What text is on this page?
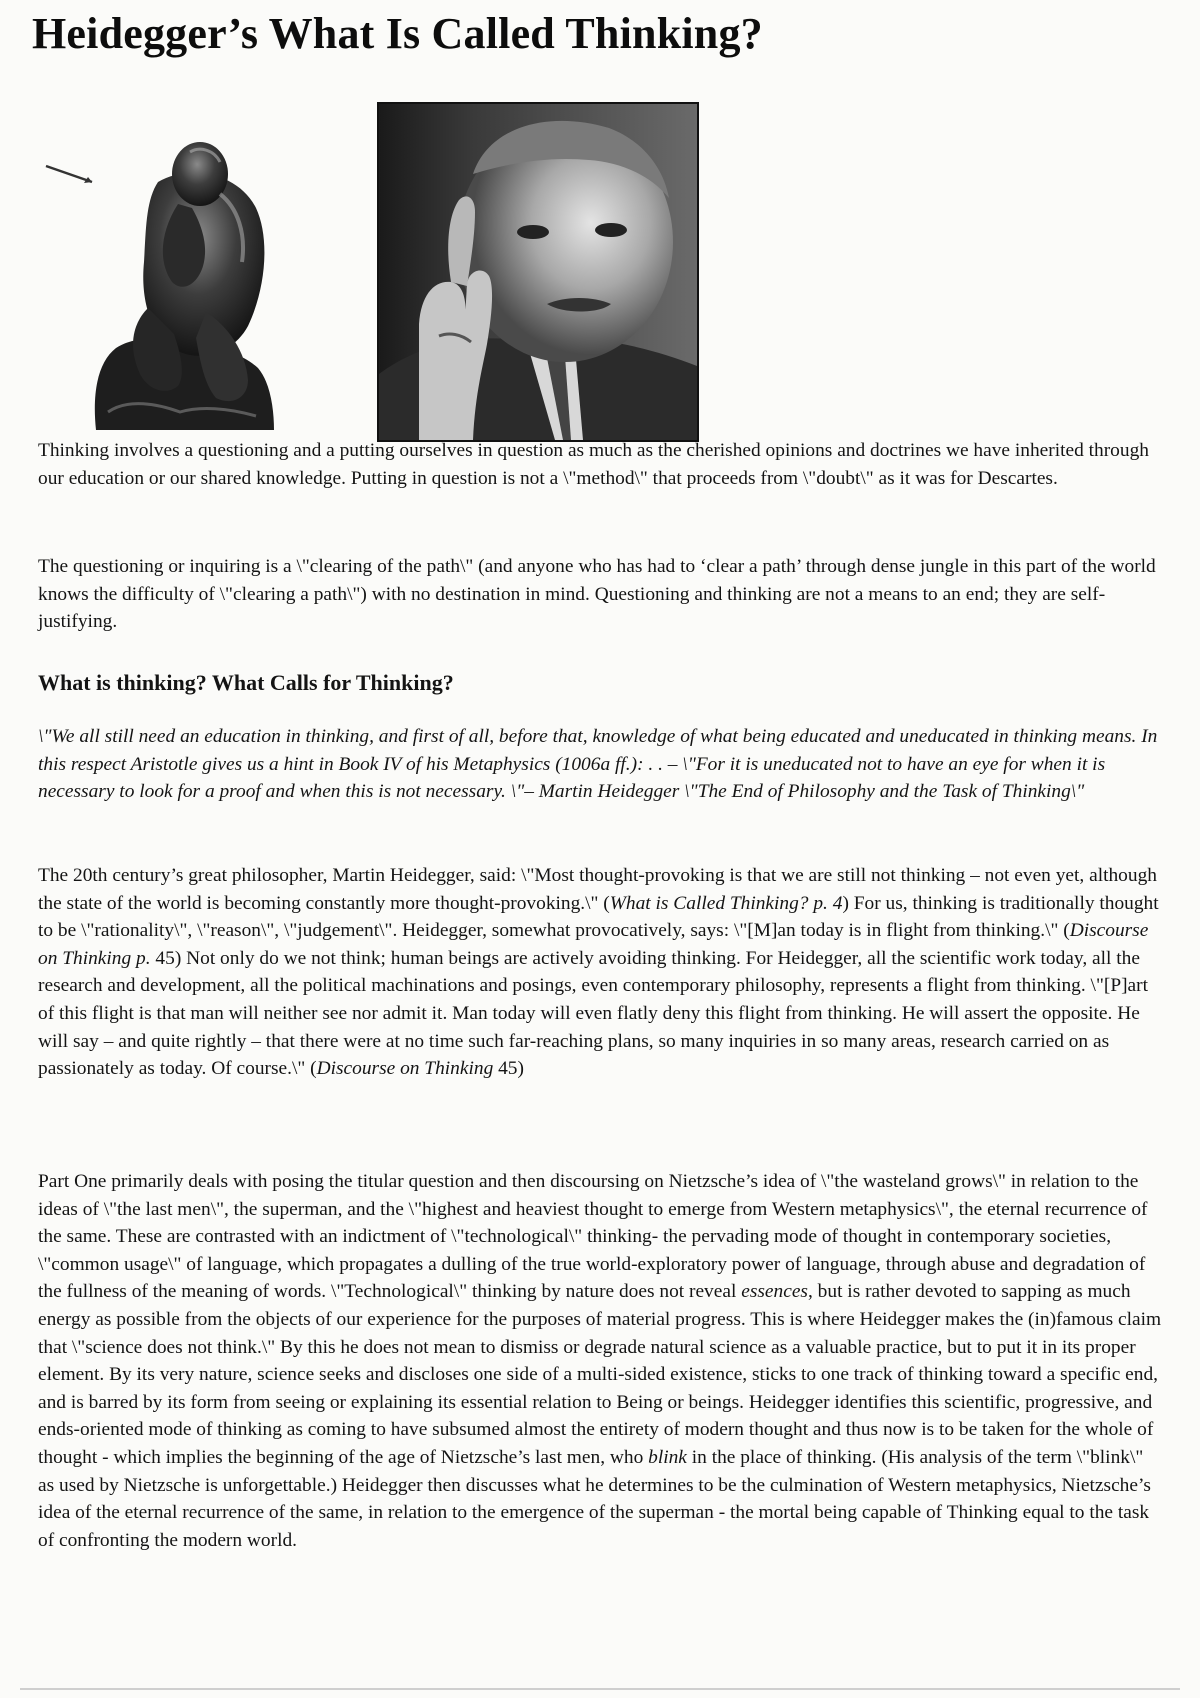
Heidegger’s What Is Called Thinking?

Thinking involves a questioning and a putting ourselves in question as much as the cherished opinions and doctrines we have inherited through our education or our shared knowledge. Putting in question is not a \"method\" that proceeds from \"doubt\" as it was for Descartes.

The questioning or inquiring is a \"clearing of the path\" (and anyone who has had to ‘clear a path’ through dense jungle in this part of the world knows the difficulty of \"clearing a path\") with no destination in mind. Questioning and thinking are not a means to an end; they are self-justifying.

What is thinking? What Calls for Thinking?

\"We all still need an education in thinking, and first of all, before that, knowledge of what being educated and uneducated in thinking means. In this respect Aristotle gives us a hint in Book IV of his Metaphysics (1006a ff.): . . – \"For it is uneducated not to have an eye for when it is necessary to look for a proof and when this is not necessary. \"– Martin Heidegger \"The End of Philosophy and the Task of Thinking\"

The 20th century’s great philosopher, Martin Heidegger, said: \"Most thought-provoking is that we are still not thinking – not even yet, although the state of the world is becoming constantly more thought-provoking.\" (What is Called Thinking? p. 4) For us, thinking is traditionally thought to be \"rationality\", \"reason\", \"judgement\". Heidegger, somewhat provocatively, says: \"[M]an today is in flight from thinking.\" (Discourse on Thinking p. 45) Not only do we not think; human beings are actively avoiding thinking. For Heidegger, all the scientific work today, all the research and development, all the political machinations and posings, even contemporary philosophy, represents a flight from thinking. \"[P]art of this flight is that man will neither see nor admit it. Man today will even flatly deny this flight from thinking. He will assert the opposite. He will say – and quite rightly – that there were at no time such far-reaching plans, so many inquiries in so many areas, research carried on as passionately as today. Of course.\" (Discourse on Thinking 45)

Part One primarily deals with posing the titular question and then discoursing on Nietzsche’s idea of \"the wasteland grows\" in relation to the ideas of \"the last men\", the superman, and the \"highest and heaviest thought to emerge from Western metaphysics\", the eternal recurrence of the same. These are contrasted with an indictment of \"technological\" thinking- the pervading mode of thought in contemporary societies, \"common usage\" of language, which propagates a dulling of the true world-exploratory power of language, through abuse and degradation of the fullness of the meaning of words. \"Technological\" thinking by nature does not reveal essences, but is rather devoted to sapping as much energy as possible from the objects of our experience for the purposes of material progress. This is where Heidegger makes the (in)famous claim that \"science does not think.\" By this he does not mean to dismiss or degrade natural science as a valuable practice, but to put it in its proper element. By its very nature, science seeks and discloses one side of a multi-sided existence, sticks to one track of thinking toward a specific end, and is barred by its form from seeing or explaining its essential relation to Being or beings. Heidegger identifies this scientific, progressive, and ends-oriented mode of thinking as coming to have subsumed almost the entirety of modern thought and thus now is to be taken for the whole of thought - which implies the beginning of the age of Nietzsche’s last men, who blink in the place of thinking. (His analysis of the term \"blink\" as used by Nietzsche is unforgettable.) Heidegger then discusses what he determines to be the culmination of Western metaphysics, Nietzsche’s idea of the eternal recurrence of the same, in relation to the emergence of the superman - the mortal being capable of Thinking equal to the task of confronting the modern world.
